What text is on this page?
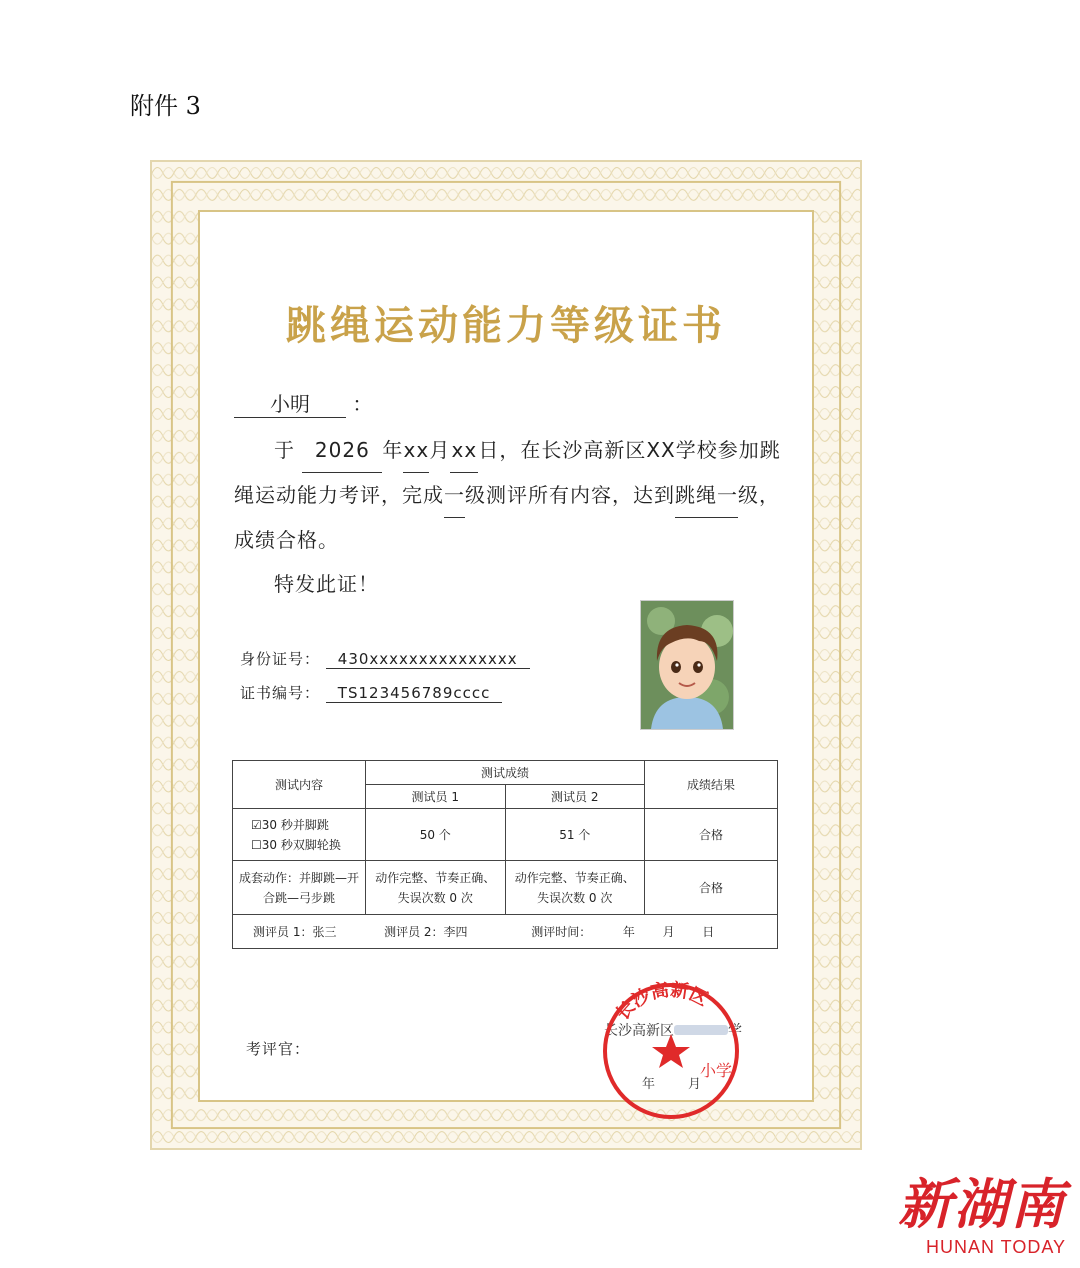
附件 3
跳绳运动能力等级证书
小明 ：
于 2026 年xx月xx日，在长沙高新区XX学校参加跳绳运动能力考评，完成一级测评所有内容，达到跳绳一级，成绩合格。
特发此证！
身份证号： 430xxxxxxxxxxxxxxx
证书编号： TS123456789cccc
测试内容	测试成绩		成绩结果
	测试员 1	测试员 2	

☑30 秒并脚跳
☐30 秒双脚轮换	50 个	51 个	合格
成套动作：并脚跳—开合跳—弓步跳	动作完整、节奏正确、失误次数 0 次	动作完整、节奏正确、失误次数 0 次	合格
测评员 1：张三 测评员 2：李四 测评时间： 年 月 日			
考评官：
长沙高新区	学
长沙高新区
小学
年	月
新湖南
HUNAN TODAY
